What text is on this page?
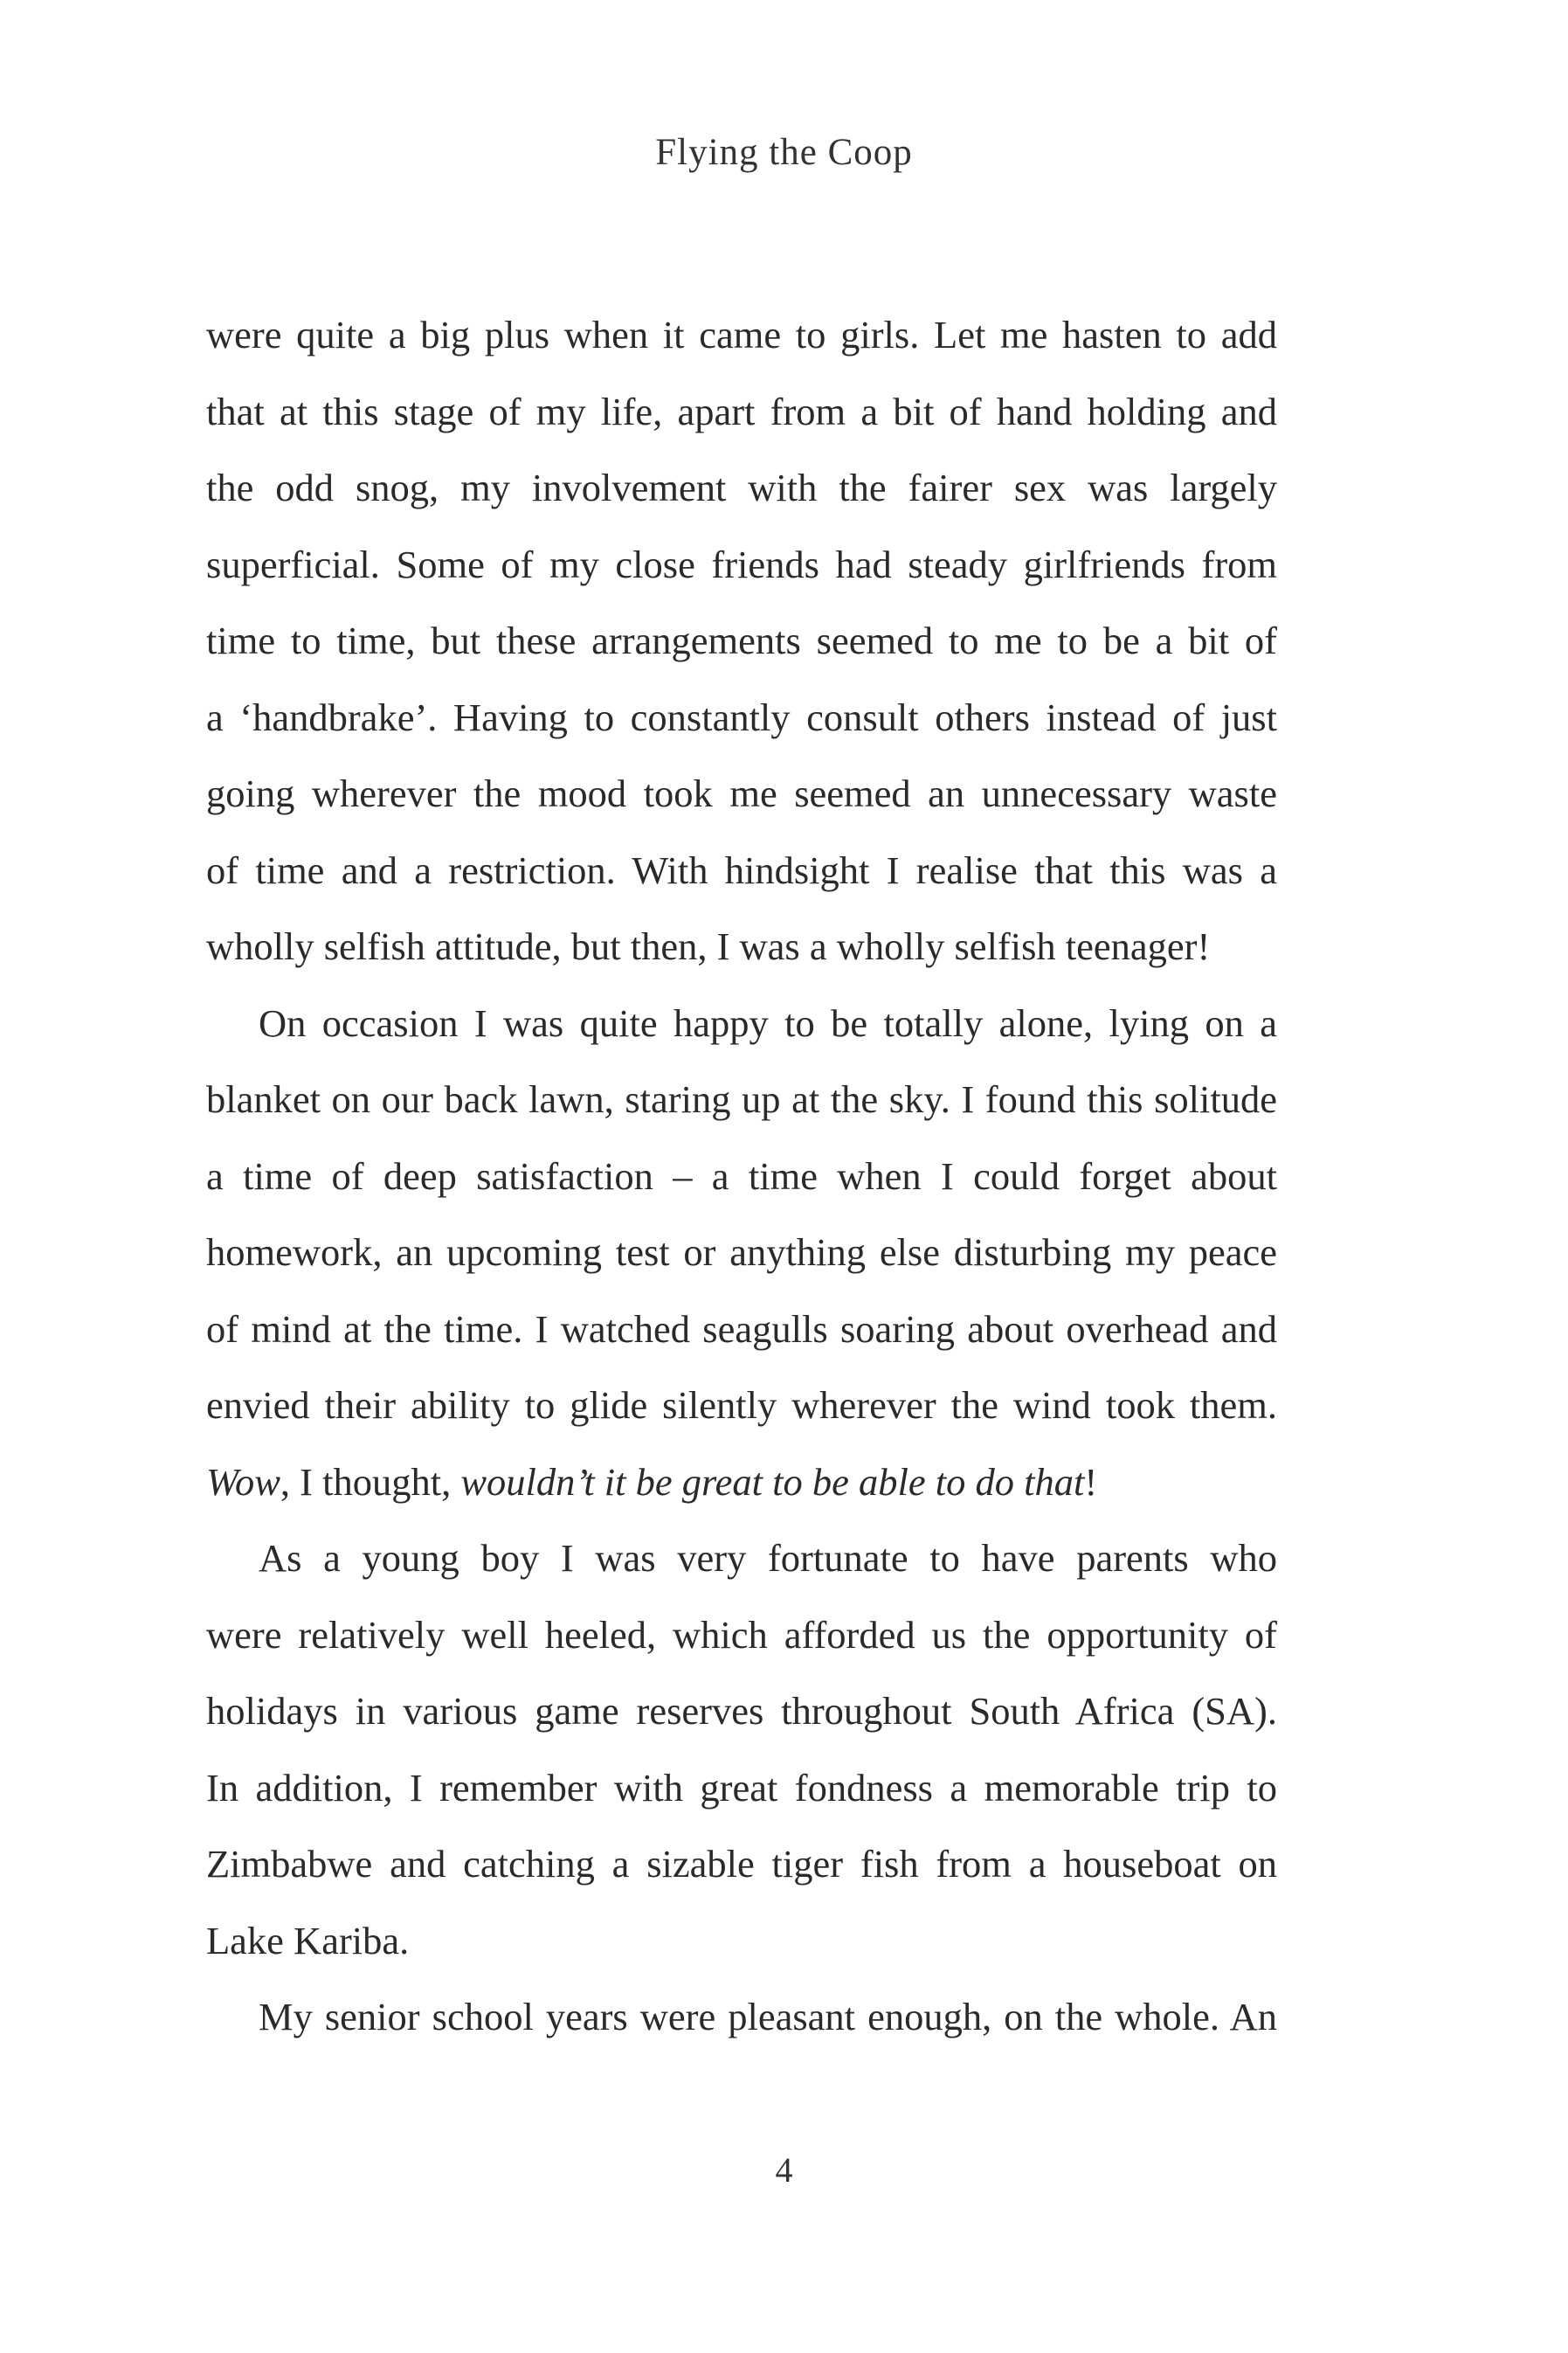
Flying the Coop
were quite a big plus when it came to girls. Let me hasten to add
that at this stage of my life, apart from a bit of hand holding and
the odd snog, my involvement with the fairer sex was largely
superficial. Some of my close friends had steady girlfriends from
time to time, but these arrangements seemed to me to be a bit of
a ‘handbrake’. Having to constantly consult others instead of just
going wherever the mood took me seemed an unnecessary waste
of time and a restriction. With hindsight I realise that this was a
wholly selfish attitude, but then, I was a wholly selfish teenager!
On occasion I was quite happy to be totally alone, lying on a
blanket on our back lawn, staring up at the sky. I found this solitude
a time of deep satisfaction – a time when I could forget about
homework, an upcoming test or anything else disturbing my peace
of mind at the time. I watched seagulls soaring about overhead and
envied their ability to glide silently wherever the wind took them.
Wow, I thought, wouldn’t it be great to be able to do that!
As a young boy I was very fortunate to have parents who
were relatively well heeled, which afforded us the opportunity of
holidays in various game reserves throughout South Africa (SA).
In addition, I remember with great fondness a memorable trip to
Zimbabwe and catching a sizable tiger fish from a houseboat on
Lake Kariba.
My senior school years were pleasant enough, on the whole. An
4
